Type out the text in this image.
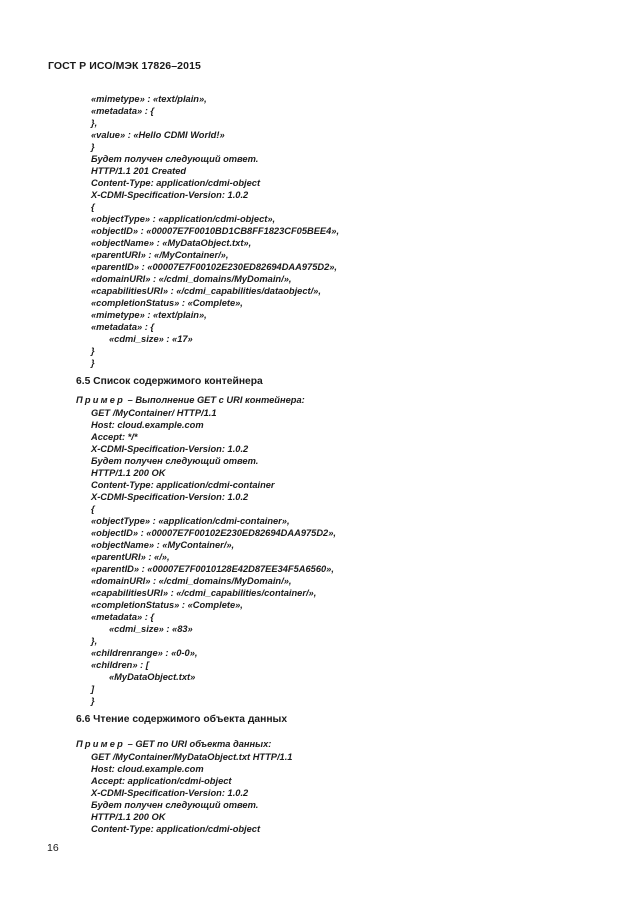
ГОСТ Р ИСО/МЭК 17826–2015
«mimetype» : «text/plain»,
«metadata» : {
},
«value» : «Hello CDMI World!»
}
Будет получен следующий ответ.
HTTP/1.1 201 Created
Content-Type: application/cdmi-object
X-CDMI-Specification-Version: 1.0.2
{
«objectType» : «application/cdmi-object»,
«objectID» : «00007E7F0010BD1CB8FF1823CF05BEE4»,
«objectName» : «MyDataObject.txt»,
«parentURI» : «/MyContainer/»,
«parentID» : «00007E7F00102E230ED82694DAA975D2»,
«domainURI» : «/cdmi_domains/MyDomain/»,
«capabilitiesURI» : «/cdmi_capabilities/dataobject/»,
«completionStatus» : «Complete»,
«mimetype» : «text/plain»,
«metadata» : {
«cdmi_size» : «17»
}
}
6.5 Список содержимого контейнера
Пример – Выполнение GET с URI контейнера:
GET /MyContainer/ HTTP/1.1
Host: cloud.example.com
Accept: */*
X-CDMI-Specification-Version: 1.0.2
Будет получен следующий ответ.
HTTP/1.1 200 OK
Content-Type: application/cdmi-container
X-CDMI-Specification-Version: 1.0.2
{
«objectType» : «application/cdmi-container»,
«objectID» : «00007E7F00102E230ED82694DAA975D2»,
«objectName» : «MyContainer/»,
«parentURI» : «/»,
«parentID» : «00007E7F0010128E42D87EE34F5A6560»,
«domainURI» : «/cdmi_domains/MyDomain/»,
«capabilitiesURI» : «/cdmi_capabilities/container/»,
«completionStatus» : «Complete»,
«metadata» : {
«cdmi_size» : «83»
},
«childrenrange» : «0-0»,
«children» : [
«MyDataObject.txt»
]
}
6.6 Чтение содержимого объекта данных
Пример – GET по URI объекта данных:
GET /MyContainer/MyDataObject.txt HTTP/1.1
Host: cloud.example.com
Accept: application/cdmi-object
X-CDMI-Specification-Version: 1.0.2
Будет получен следующий ответ.
HTTP/1.1 200 OK
Content-Type: application/cdmi-object
16
